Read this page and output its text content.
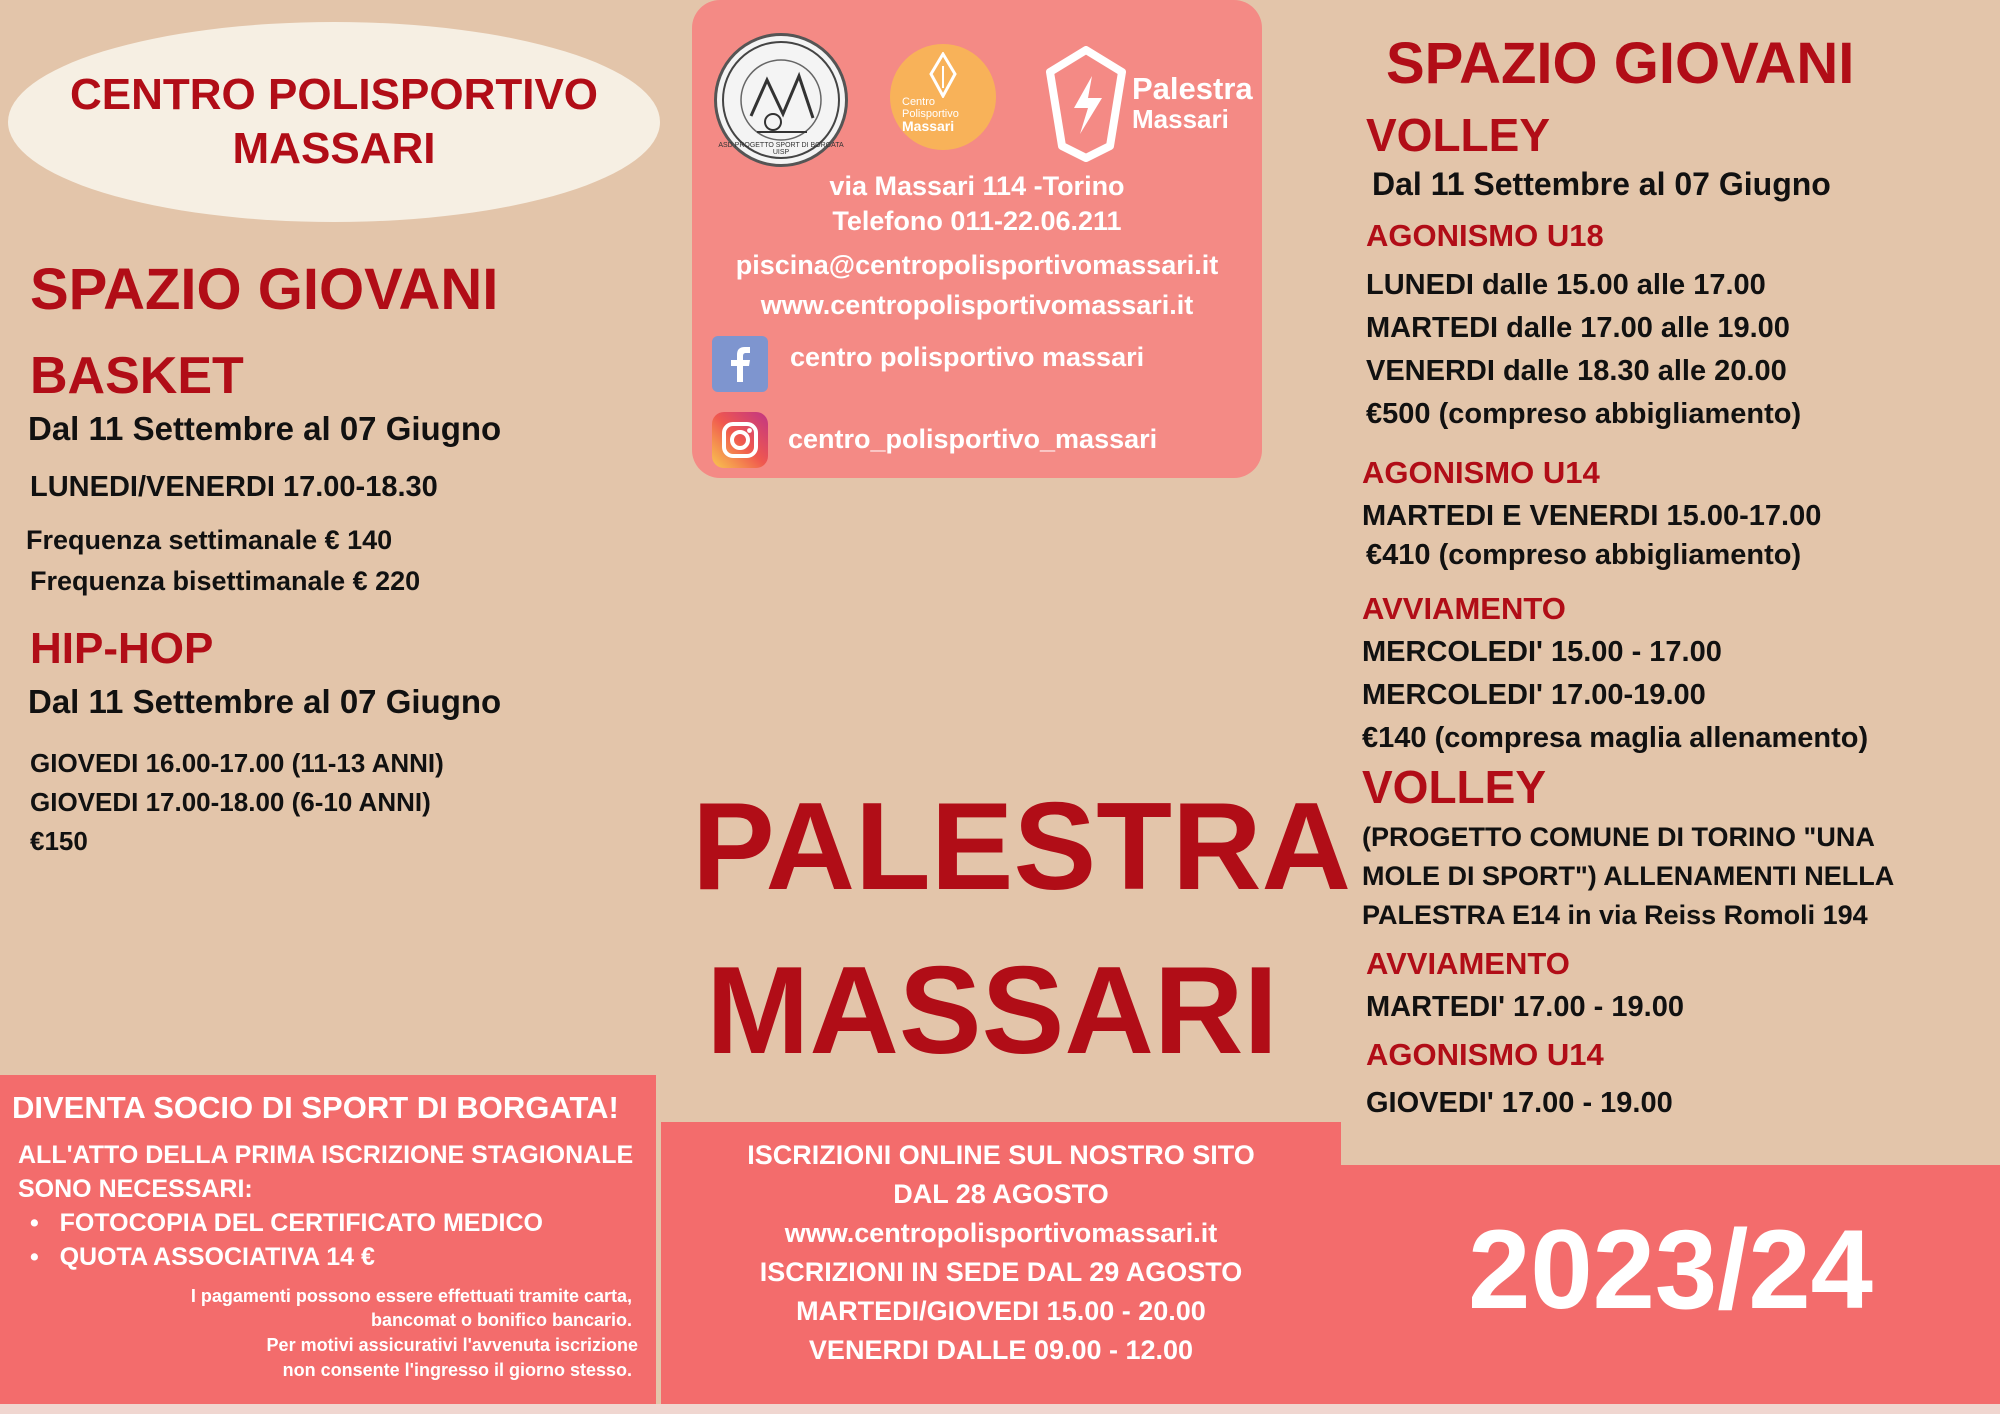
CENTRO POLISPORTIVO
MASSARI
SPAZIO GIOVANI
BASKET
Dal 11 Settembre al 07 Giugno
LUNEDI/VENERDI 17.00-18.30
Frequenza settimanale € 140
Frequenza bisettimanale € 220
HIP-HOP
Dal 11 Settembre al 07 Giugno
GIOVEDI 16.00-17.00 (11-13 ANNI)
GIOVEDI 17.00-18.00 (6-10 ANNI)
€150
ASD PROGETTO SPORT DI BORGATA UISP
Centro
Polisportivo
Massari
Palestra
Massari
via Massari 114 -Torino
Telefono 011-22.06.211
piscina@centropolisportivomassari.it
www.centropolisportivomassari.it
centro polisportivo massari
centro_polisportivo_massari
PALESTRA
MASSARI
SPAZIO GIOVANI
VOLLEY
Dal 11 Settembre al 07 Giugno
AGONISMO U18
LUNEDI dalle 15.00 alle 17.00
MARTEDI dalle 17.00 alle 19.00
VENERDI dalle 18.30 alle 20.00
€500 (compreso abbigliamento)
AGONISMO U14
MARTEDI E VENERDI 15.00-17.00
€410 (compreso abbigliamento)
AVVIAMENTO
MERCOLEDI' 15.00 - 17.00
MERCOLEDI' 17.00-19.00
€140 (compresa maglia allenamento)
VOLLEY
(PROGETTO COMUNE DI TORINO "UNA
MOLE DI SPORT") ALLENAMENTI NELLA
PALESTRA E14 in via Reiss Romoli 194
AVVIAMENTO
MARTEDI' 17.00 - 19.00
AGONISMO U14
GIOVEDI' 17.00 - 19.00
DIVENTA SOCIO DI SPORT DI BORGATA!
ALL'ATTO DELLA PRIMA ISCRIZIONE STAGIONALE
SONO NECESSARI:
•   FOTOCOPIA DEL CERTIFICATO MEDICO
•   QUOTA ASSOCIATIVA 14 €
I pagamenti possono essere effettuati tramite carta,
bancomat o bonifico bancario.
Per motivi assicurativi l'avvenuta iscrizione
non consente l'ingresso il giorno stesso.
ISCRIZIONI ONLINE SUL NOSTRO SITO
DAL 28 AGOSTO
www.centropolisportivomassari.it
ISCRIZIONI IN SEDE DAL 29 AGOSTO
MARTEDI/GIOVEDI 15.00 - 20.00
VENERDI DALLE 09.00 - 12.00
2023/24
